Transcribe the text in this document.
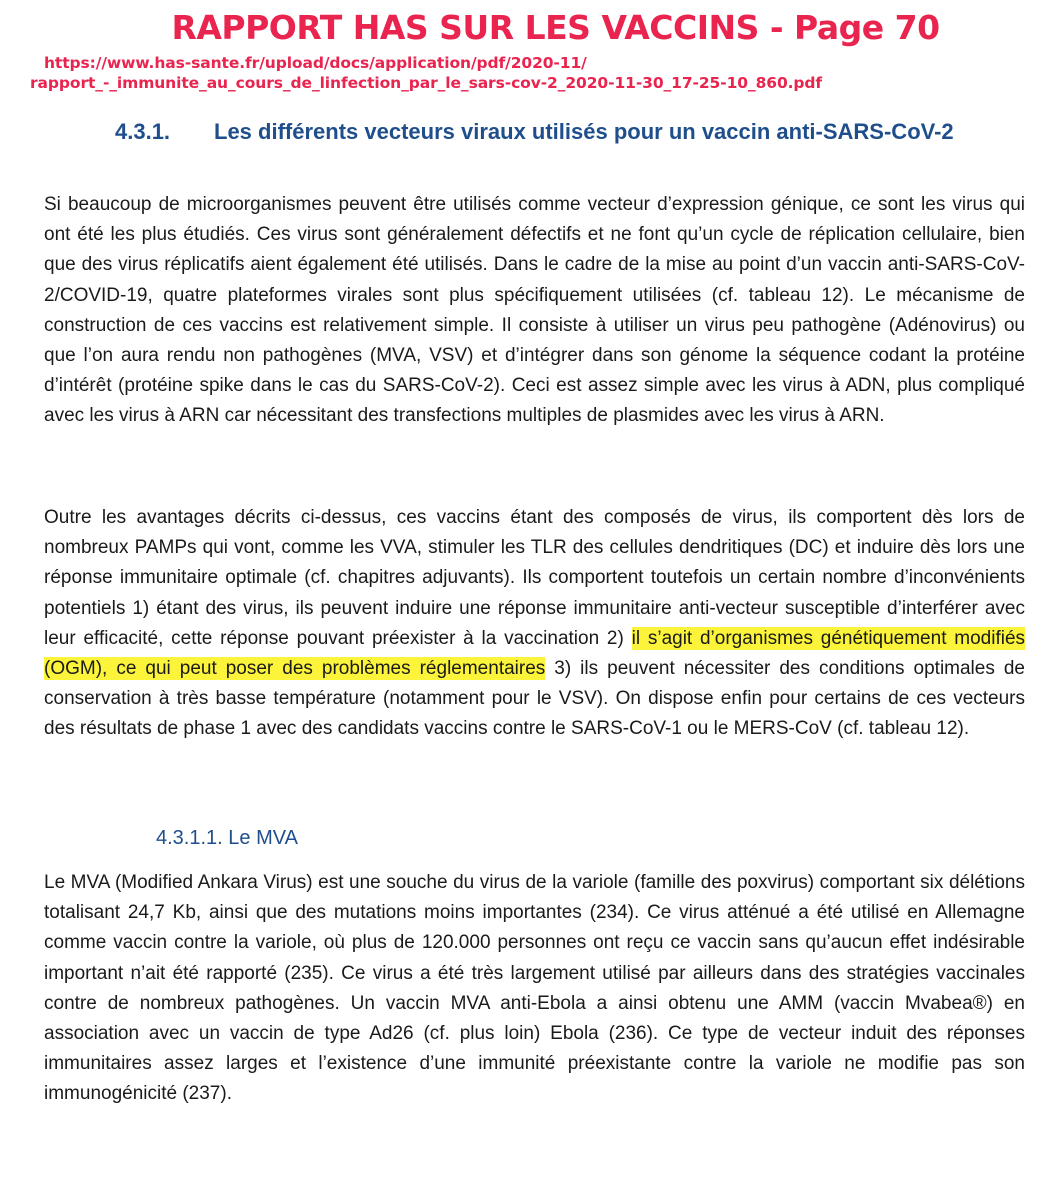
RAPPORT HAS SUR LES VACCINS - Page 70
https://www.has-sante.fr/upload/docs/application/pdf/2020-11/
rapport_-_immunite_au_cours_de_linfection_par_le_sars-cov-2_2020-11-30_17-25-10_860.pdf
4.3.1. Les différents vecteurs viraux utilisés pour un vaccin anti-SARS-CoV-2
Si beaucoup de microorganismes peuvent être utilisés comme vecteur d’expression génique, ce sont les virus qui ont été les plus étudiés. Ces virus sont généralement défectifs et ne font qu’un cycle de réplication cellulaire, bien que des virus réplicatifs aient également été utilisés. Dans le cadre de la mise au point d’un vaccin anti-SARS-CoV-2/COVID-19, quatre plateformes virales sont plus spécifiquement utilisées (cf. tableau 12). Le mécanisme de construction de ces vaccins est relativement simple. Il consiste à utiliser un virus peu pathogène (Adénovirus) ou que l’on aura rendu non pathogènes (MVA, VSV) et d’intégrer dans son génome la séquence codant la protéine d’intérêt (protéine spike dans le cas du SARS-CoV-2). Ceci est assez simple avec les virus à ADN, plus compliqué avec les virus à ARN car nécessitant des transfections multiples de plasmides avec les virus à ARN.
Outre les avantages décrits ci-dessus, ces vaccins étant des composés de virus, ils comportent dès lors de nombreux PAMPs qui vont, comme les VVA, stimuler les TLR des cellules dendritiques (DC) et induire dès lors une réponse immunitaire optimale (cf. chapitres adjuvants). Ils comportent toutefois un certain nombre d’inconvénients potentiels 1) étant des virus, ils peuvent induire une réponse immunitaire anti-vecteur susceptible d’interférer avec leur efficacité, cette réponse pouvant préexister à la vaccination 2) il s’agit d’organismes génétiquement modifiés (OGM), ce qui peut poser des problèmes réglementaires 3) ils peuvent nécessiter des conditions optimales de conservation à très basse température (notamment pour le VSV). On dispose enfin pour certains de ces vecteurs des résultats de phase 1 avec des candidats vaccins contre le SARS-CoV-1 ou le MERS-CoV (cf. tableau 12).
4.3.1.1. Le MVA
Le MVA (Modified Ankara Virus) est une souche du virus de la variole (famille des poxvirus) comportant six délétions totalisant 24,7 Kb, ainsi que des mutations moins importantes (234). Ce virus atténué a été utilisé en Allemagne comme vaccin contre la variole, où plus de 120.000 personnes ont reçu ce vaccin sans qu’aucun effet indésirable important n’ait été rapporté (235). Ce virus a été très largement utilisé par ailleurs dans des stratégies vaccinales contre de nombreux pathogènes. Un vaccin MVA anti-Ebola a ainsi obtenu une AMM (vaccin Mvabea®) en association avec un vaccin de type Ad26 (cf. plus loin) Ebola (236). Ce type de vecteur induit des réponses immunitaires assez larges et l’existence d’une immunité préexistante contre la variole ne modifie pas son immunogénicité (237).
